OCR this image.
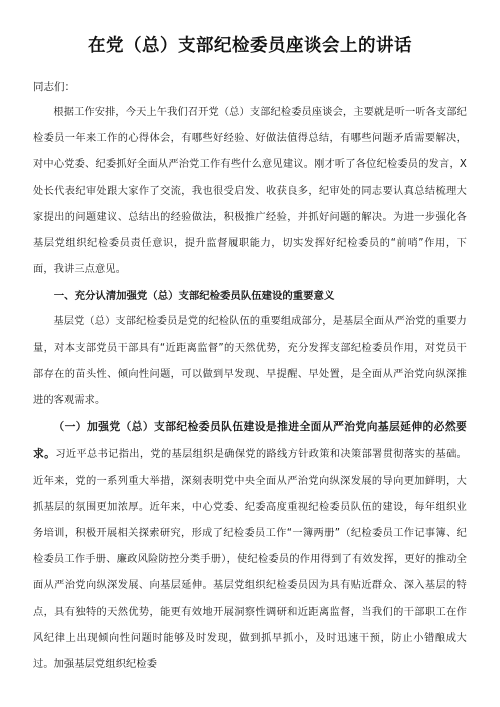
在党（总）支部纪检委员座谈会上的讲话

同志们：

根据工作安排，今天上午我们召开党（总）支部纪检委员座谈会，主要就是听一听各支部纪检委员一年来工作的心得体会，有哪些好经验、好做法值得总结，有哪些问题矛盾需要解决，对中心党委、纪委抓好全面从严治党工作有些什么意见建议。刚才听了各位纪检委员的发言，X处长代表纪审处跟大家作了交流，我也很受启发、收获良多，纪审处的同志要认真总结梳理大家提出的问题建议、总结出的经验做法，积极推广经验，并抓好问题的解决。为进一步强化各基层党组织纪检委员责任意识，提升监督履职能力，切实发挥好纪检委员的“前哨”作用，下面，我讲三点意见。

一、充分认清加强党（总）支部纪检委员队伍建设的重要意义

基层党（总）支部纪检委员是党的纪检队伍的重要组成部分，是基层全面从严治党的重要力量，对本支部党员干部具有“近距离监督”的天然优势，充分发挥支部纪检委员作用，对党员干部存在的苗头性、倾向性问题，可以做到早发现、早提醒、早处置，是全面从严治党向纵深推进的客观需求。

（一）加强党（总）支部纪检委员队伍建设是推进全面从严治党向基层延伸的必然要求。习近平总书记指出，党的基层组织是确保党的路线方针政策和决策部署贯彻落实的基础。近年来，党的一系列重大举措，深刻表明党中央全面从严治党向纵深发展的导向更加鲜明，大抓基层的氛围更加浓厚。近年来，中心党委、纪委高度重视纪检委员队伍的建设，每年组织业务培训，积极开展相关探索研究，形成了纪检委员工作“一簿两册”（纪检委员工作记事簿、纪检委员工作手册、廉政风险防控分类手册），使纪检委员的作用得到了有效发挥，更好的推动全面从严治党向纵深发展、向基层延伸。基层党组织纪检委员因为具有贴近群众、深入基层的特点，具有独特的天然优势，能更有效地开展洞察性调研和近距离监督，当我们的干部职工在作风纪律上出现倾向性问题时能够及时发现，做到抓早抓小，及时迅速干预，防止小错酿成大过。加强基层党组织纪检委
